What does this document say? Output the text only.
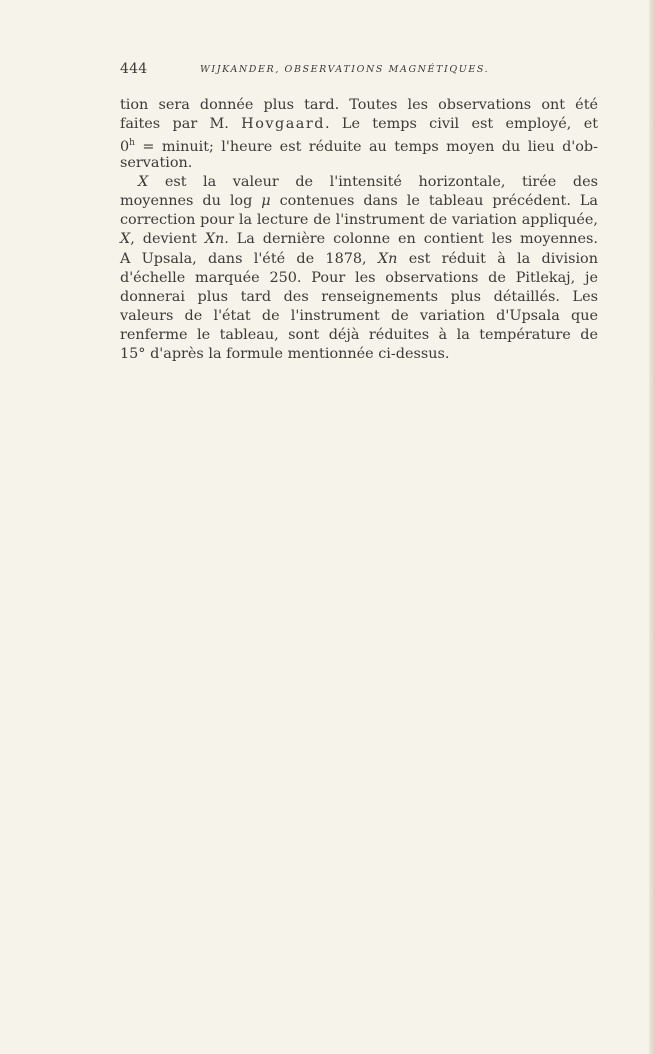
444	WIJKANDER, OBSERVATIONS MAGNÉTIQUES.
tion sera donnée plus tard. Toutes les observations ont été
faites par M. Hovgaard. Le temps civil est employé, et
$0^h$ = minuit; l'heure est réduite au temps moyen du lieu d'ob-
servation.
X est la valeur de l'intensité horizontale, tirée des
moyennes du log μ contenues dans le tableau précédent. La
correction pour la lecture de l'instrument de variation appliquée,
X, devient Xn. La dernière colonne en contient les moyennes.
A Upsala, dans l'été de 1878, Xn est réduit à la division
d'échelle marquée 250. Pour les observations de Pitlekaj, je
donnerai plus tard des renseignements plus détaillés. Les
valeurs de l'état de l'instrument de variation d'Upsala que
renferme le tableau, sont déjà réduites à la température de
15° d'après la formule mentionnée ci-dessus.
